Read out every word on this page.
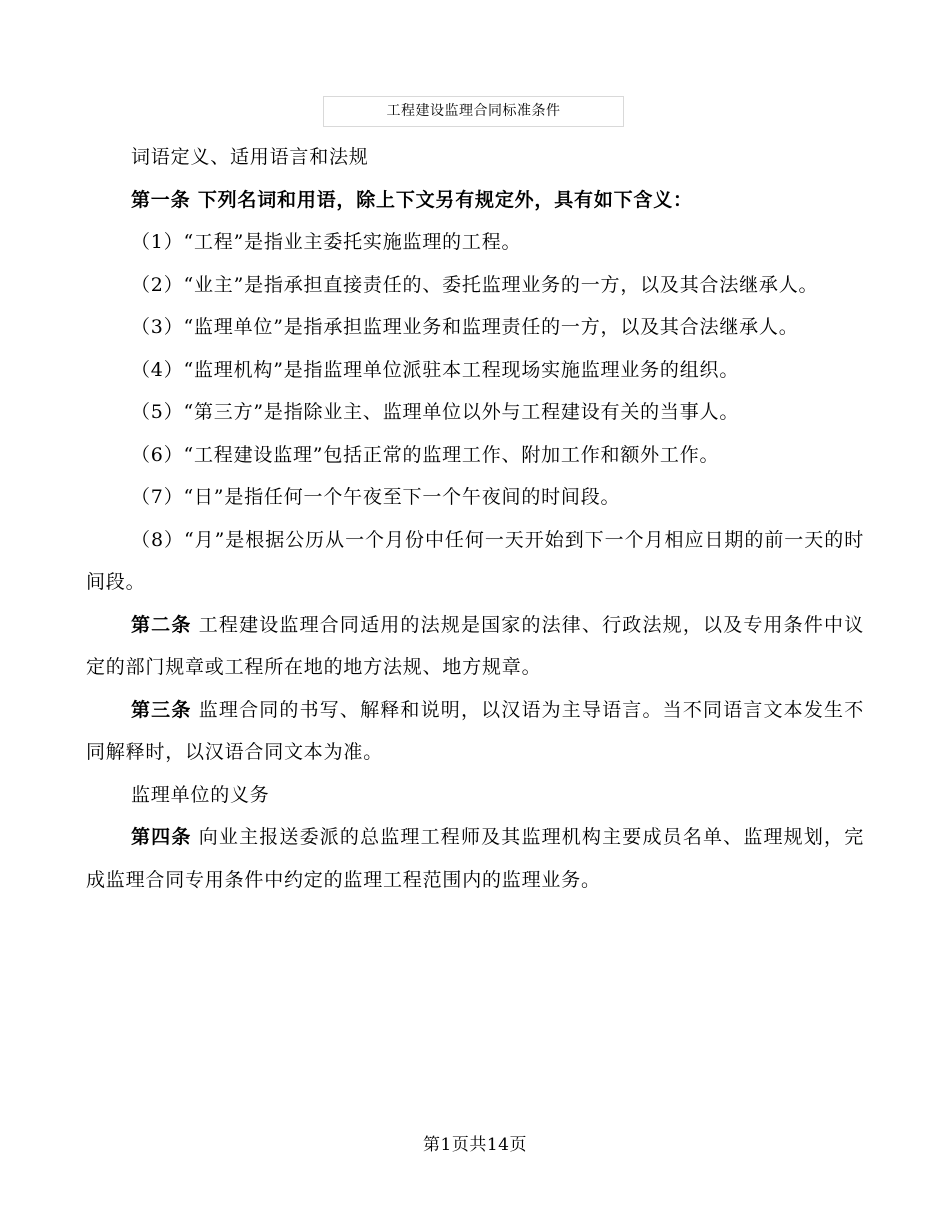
工程建设监理合同标准条件

词语定义、适用语言和法规

第一条 下列名词和用语，除上下文另有规定外，具有如下含义：

（1）“工程”是指业主委托实施监理的工程。

（2）“业主”是指承担直接责任的、委托监理业务的一方，以及其合法继承人。

（3）“监理单位”是指承担监理业务和监理责任的一方，以及其合法继承人。

（4）“监理机构”是指监理单位派驻本工程现场实施监理业务的组织。

（5）“第三方”是指除业主、监理单位以外与工程建设有关的当事人。

（6）“工程建设监理”包括正常的监理工作、附加工作和额外工作。

（7）“日”是指任何一个午夜至下一个午夜间的时间段。

（8）“月”是根据公历从一个月份中任何一天开始到下一个月相应日期的前一天的时间段。

第二条 工程建设监理合同适用的法规是国家的法律、行政法规，以及专用条件中议定的部门规章或工程所在地的地方法规、地方规章。

第三条 监理合同的书写、解释和说明，以汉语为主导语言。当不同语言文本发生不同解释时，以汉语合同文本为准。

监理单位的义务

第四条 向业主报送委派的总监理工程师及其监理机构主要成员名单、监理规划，完成监理合同专用条件中约定的监理工程范围内的监理业务。

第1页共14页
